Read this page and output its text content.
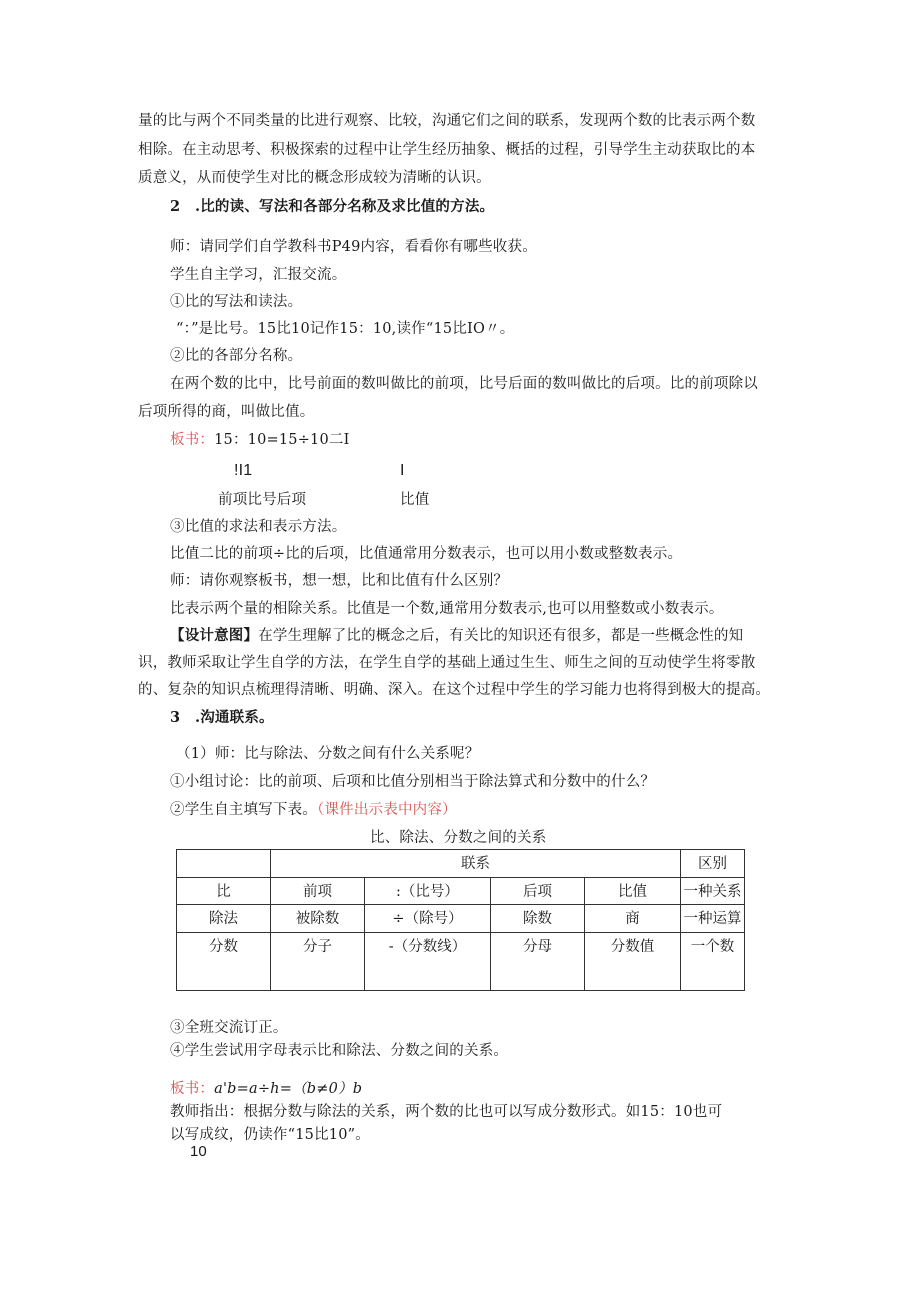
量的比与两个不同类量的比进行观察、比较，沟通它们之间的联系，发现两个数的比表示两个数
相除。在主动思考、积极探索的过程中让学生经历抽象、概括的过程，引导学生主动获取比的本
质意义，从而使学生对比的概念形成较为清晰的认识。
2　.比的读、写法和各部分名称及求比值的方法。
师：请同学们自学教科书P49内容，看看你有哪些收获。
学生自主学习，汇报交流。
①比的写法和读法。
“：”是比号。15比10记作15：10,读作“15比IO〃。
②比的各部分名称。
在两个数的比中，比号前面的数叫做比的前项，比号后面的数叫做比的后项。比的前项除以
后项所得的商，叫做比值。
板书：15：10=15÷10二I
!I1	I
前项比号后项	比值
③比值的求法和表示方法。
比值二比的前项÷比的后项，比值通常用分数表示，也可以用小数或整数表示。
师：请你观察板书，想一想，比和比值有什么区别？
比表示两个量的相除关系。比值是一个数,通常用分数表示,也可以用整数或小数表示。
【设计意图】在学生理解了比的概念之后，有关比的知识还有很多，都是一些概念性的知
识，教师采取让学生自学的方法，在学生自学的基础上通过生生、师生之间的互动使学生将零散
的、复杂的知识点梳理得清晰、明确、深入。在这个过程中学生的学习能力也将得到极大的提高。
3　.沟通联系。
（1）师：比与除法、分数之间有什么关系呢？
①小组讨论：比的前项、后项和比值分别相当于除法算式和分数中的什么？
②学生自主填写下表。（课件出示表中内容）
比、除法、分数之间的关系
	联系				区别
比	前项	:（比号）	后项	比值	一种关系
除法	被除数	÷（除号）	除数	商	一种运算
分数	分子	-（分数线）	分母	分数值	一个数
③全班交流订正。
④学生尝试用字母表示比和除法、分数之间的关系。
板书：a'b=a÷h=（b≠0）b
教师指出：根据分数与除法的关系，两个数的比也可以写成分数形式。如15：10也可
以写成纹，仍读作“15比10”。
10
